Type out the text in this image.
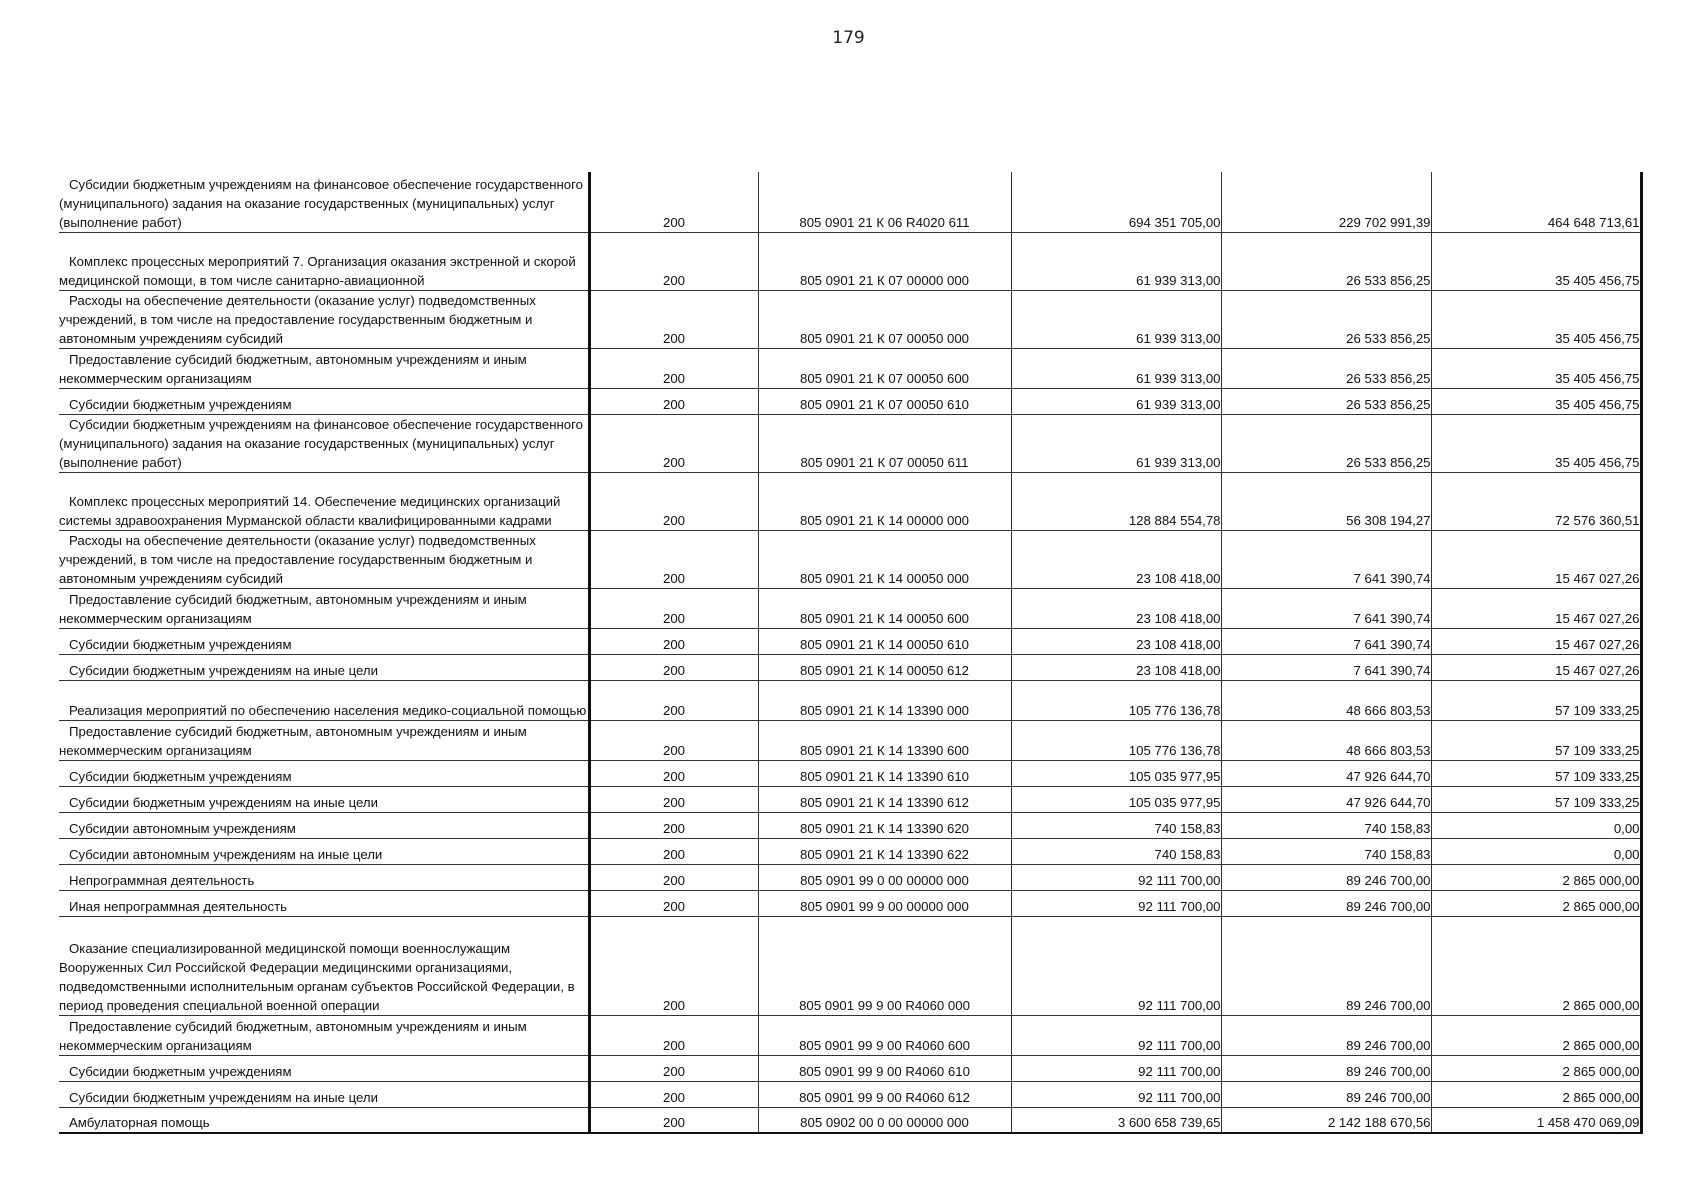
179
Субсидии бюджетным учреждениям на финансовое обеспечение государственного (муниципального) задания на оказание государственных (муниципальных) услуг (выполнение работ)	200	805 0901 21 К 06 R4020 611	694 351 705,00	229 702 991,39	464 648 713,61
Комплекс процессных мероприятий 7. Организация оказания экстренной и скорой медицинской помощи, в том числе санитарно-авиационной	200	805 0901 21 К 07 00000 000	61 939 313,00	26 533 856,25	35 405 456,75
Расходы на обеспечение деятельности (оказание услуг) подведомственных учреждений, в том числе на предоставление государственным бюджетным и автономным учреждениям субсидий	200	805 0901 21 К 07 00050 000	61 939 313,00	26 533 856,25	35 405 456,75
Предоставление субсидий бюджетным, автономным учреждениям и иным некоммерческим организациям	200	805 0901 21 К 07 00050 600	61 939 313,00	26 533 856,25	35 405 456,75
Субсидии бюджетным учреждениям	200	805 0901 21 К 07 00050 610	61 939 313,00	26 533 856,25	35 405 456,75
Субсидии бюджетным учреждениям на финансовое обеспечение государственного (муниципального) задания на оказание государственных (муниципальных) услуг (выполнение работ)	200	805 0901 21 К 07 00050 611	61 939 313,00	26 533 856,25	35 405 456,75
Комплекс процессных мероприятий 14. Обеспечение медицинских организаций системы здравоохранения Мурманской области квалифицированными кадрами	200	805 0901 21 К 14 00000 000	128 884 554,78	56 308 194,27	72 576 360,51
Расходы на обеспечение деятельности (оказание услуг) подведомственных учреждений, в том числе на предоставление государственным бюджетным и автономным учреждениям субсидий	200	805 0901 21 К 14 00050 000	23 108 418,00	7 641 390,74	15 467 027,26
Предоставление субсидий бюджетным, автономным учреждениям и иным некоммерческим организациям	200	805 0901 21 К 14 00050 600	23 108 418,00	7 641 390,74	15 467 027,26
Субсидии бюджетным учреждениям	200	805 0901 21 К 14 00050 610	23 108 418,00	7 641 390,74	15 467 027,26
Субсидии бюджетным учреждениям на иные цели	200	805 0901 21 К 14 00050 612	23 108 418,00	7 641 390,74	15 467 027,26
Реализация мероприятий по обеспечению населения медико-социальной помощью	200	805 0901 21 К 14 13390 000	105 776 136,78	48 666 803,53	57 109 333,25
Предоставление субсидий бюджетным, автономным учреждениям и иным некоммерческим организациям	200	805 0901 21 К 14 13390 600	105 776 136,78	48 666 803,53	57 109 333,25
Субсидии бюджетным учреждениям	200	805 0901 21 К 14 13390 610	105 035 977,95	47 926 644,70	57 109 333,25
Субсидии бюджетным учреждениям на иные цели	200	805 0901 21 К 14 13390 612	105 035 977,95	47 926 644,70	57 109 333,25
Субсидии автономным учреждениям	200	805 0901 21 К 14 13390 620	740 158,83	740 158,83	0,00
Субсидии автономным учреждениям на иные цели	200	805 0901 21 К 14 13390 622	740 158,83	740 158,83	0,00
Непрограммная деятельность	200	805 0901 99 0 00 00000 000	92 111 700,00	89 246 700,00	2 865 000,00
Иная непрограммная деятельность	200	805 0901 99 9 00 00000 000	92 111 700,00	89 246 700,00	2 865 000,00
Оказание специализированной медицинской помощи военнослужащим Вооруженных Сил Российской Федерации медицинскими организациями, подведомственными исполнительным органам субъектов Российской Федерации, в период проведения специальной военной операции	200	805 0901 99 9 00 R4060 000	92 111 700,00	89 246 700,00	2 865 000,00
Предоставление субсидий бюджетным, автономным учреждениям и иным некоммерческим организациям	200	805 0901 99 9 00 R4060 600	92 111 700,00	89 246 700,00	2 865 000,00
Субсидии бюджетным учреждениям	200	805 0901 99 9 00 R4060 610	92 111 700,00	89 246 700,00	2 865 000,00
Субсидии бюджетным учреждениям на иные цели	200	805 0901 99 9 00 R4060 612	92 111 700,00	89 246 700,00	2 865 000,00
Амбулаторная помощь	200	805 0902 00 0 00 00000 000	3 600 658 739,65	2 142 188 670,56	1 458 470 069,09
